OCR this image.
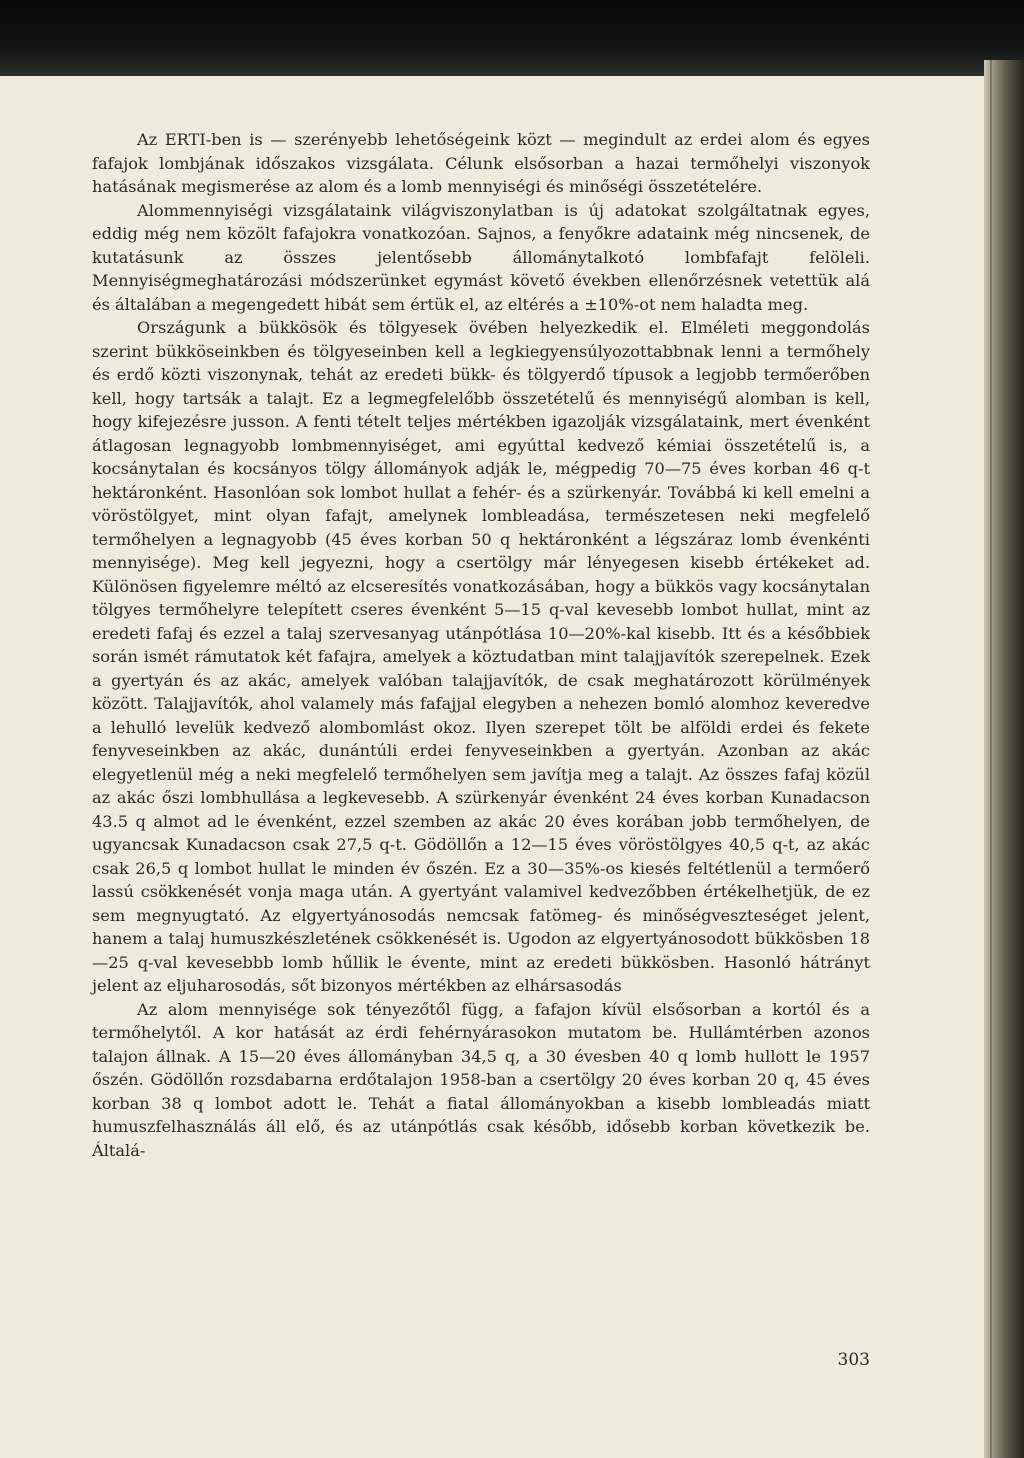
Az ERTI-ben is — szerényebb lehetőségeink közt — megindult az erdei alom és egyes fafajok lombjának időszakos vizsgálata. Célunk elsősorban a hazai termőhelyi viszonyok hatásának megismerése az alom és a lomb mennyiségi és minőségi összetételére.

Alommennyiségi vizsgálataink világviszonylatban is új adatokat szolgáltatnak egyes, eddig még nem közölt fafajokra vonatkozóan. Sajnos, a fenyőkre adataink még nincsenek, de kutatásunk az összes jelentősebb állománytalkotó lombfafajt felöleli. Mennyiségmeghatározási módszerünket egymást követő években ellenőrzésnek vetettük alá és általában a megengedett hibát sem értük el, az eltérés a ±10%-ot nem haladta meg.

Országunk a bükkösök és tölgyesek övében helyezkedik el. Elméleti meggondolás szerint bükköseinkben és tölgyeseinben kell a legkiegyensúlyozottabbnak lenni a termőhely és erdő közti viszonynak, tehát az eredeti bükk- és tölgyerdő típusok a legjobb termőerőben kell, hogy tartsák a talajt. Ez a legmegfelelőbb összetételű és mennyiségű alomban is kell, hogy kifejezésre jusson. A fenti tételt teljes mértékben igazolják vizsgálataink, mert évenként átlagosan legnagyobb lombmennyiséget, ami egyúttal kedvező kémiai összetételű is, a kocsánytalan és kocsányos tölgy állományok adják le, mégpedig 70—75 éves korban 46 q-t hektáronként. Hasonlóan sok lombot hullat a fehér- és a szürkenyár. Továbbá ki kell emelni a vöröstölgyet, mint olyan fafajt, amelynek lombleadása, természetesen neki megfelelő termőhelyen a legnagyobb (45 éves korban 50 q hektáronként a légszáraz lomb évenkénti mennyisége). Meg kell jegyezni, hogy a csertölgy már lényegesen kisebb értékeket ad. Különösen figyelemre méltó az elcseresítés vonatkozásában, hogy a bükkös vagy kocsánytalan tölgyes termőhelyre telepített cseres évenként 5—15 q-val kevesebb lombot hullat, mint az eredeti fafaj és ezzel a talaj szervesanyag utánpótlása 10—20%-kal kisebb. Itt és a későbbiek során ismét rámutatok két fafajra, amelyek a köztudatban mint talajjavítók szerepelnek. Ezek a gyertyán és az akác, amelyek valóban talajjavítók, de csak meghatározott körülmények között. Talajjavítók, ahol valamely más fafajjal elegyben a nehezen bomló alomhoz keveredve a lehulló levelük kedvező alombomlást okoz. Ilyen szerepet tölt be alföldi erdei és fekete fenyveseinkben az akác, dunántúli erdei fenyveseinkben a gyertyán. Azonban az akác elegyetlenül még a neki megfelelő termőhelyen sem javítja meg a talajt. Az összes fafaj közül az akác őszi lombhullása a legkevesebb. A szürkenyár évenként 24 éves korban Kunadacson 43.5 q almot ad le évenként, ezzel szemben az akác 20 éves korában jobb termőhelyen, de ugyancsak Kunadacson csak 27,5 q-t. Gödöllőn a 12—15 éves vöröstölgyes 40,5 q-t, az akác csak 26,5 q lombot hullat le minden év őszén. Ez a 30—35%-os kiesés feltétlenül a termőerő lassú csökkenését vonja maga után. A gyertyánt valamivel kedvezőbben értékelhetjük, de ez sem megnyugtató. Az elgyertyánosodás nemcsak fatömeg- és minőségveszteséget jelent, hanem a talaj humuszkészletének csökkenését is. Ugodon az elgyertyánosodott bükkösben 18—25 q-val kevesebbb lomb hűllik le évente, mint az eredeti bükkösben. Hasonló hátrányt jelent az eljuharosodás, sőt bizonyos mértékben az elhársasodás

Az alom mennyisége sok tényezőtől függ, a fafajon kívül elsősorban a kortól és a termőhelytől. A kor hatását az érdi fehérnyárasokon mutatom be. Hullámtérben azonos talajon állnak. A 15—20 éves állományban 34,5 q, a 30 évesben 40 q lomb hullott le 1957 őszén. Gödöllőn rozsdabarna erdőtalajon 1958-ban a csertölgy 20 éves korban 20 q, 45 éves korban 38 q lombot adott le. Tehát a fiatal állományokban a kisebb lombleadás miatt humuszfelhasználás áll elő, és az utánpótlás csak később, idősebb korban következik be. Általá-

303
